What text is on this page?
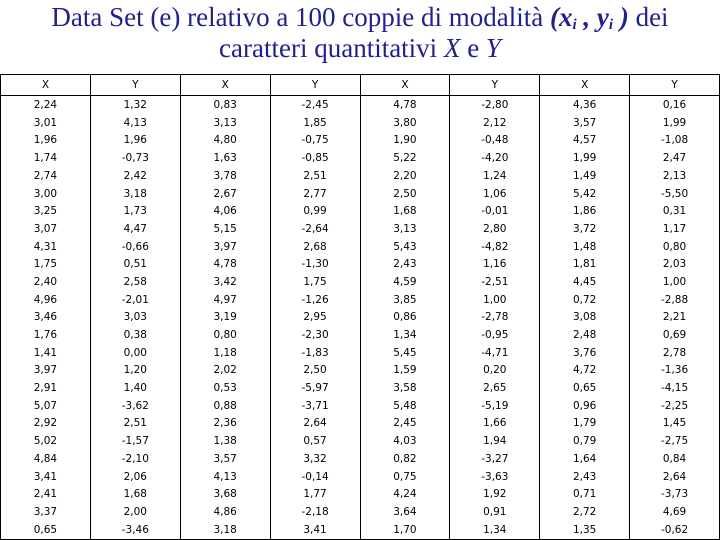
Data Set (e) relativo a 100 coppie di modalità ($x_i$ , $y_i$ ) dei
caratteri quantitativi X e Y
X	Y	X	Y	X	Y	X	Y
2,24	1,32	0,83	-2,45	4,78	-2,80	4,36	0,16
3,01	4,13	3,13	1,85	3,80	2,12	3,57	1,99
1,96	1,96	4,80	-0,75	1,90	-0,48	4,57	-1,08
1,74	-0,73	1,63	-0,85	5,22	-4,20	1,99	2,47
2,74	2,42	3,78	2,51	2,20	1,24	1,49	2,13
3,00	3,18	2,67	2,77	2,50	1,06	5,42	-5,50
3,25	1,73	4,06	0,99	1,68	-0,01	1,86	0,31
3,07	4,47	5,15	-2,64	3,13	2,80	3,72	1,17
4,31	-0,66	3,97	2,68	5,43	-4,82	1,48	0,80
1,75	0,51	4,78	-1,30	2,43	1,16	1,81	2,03
2,40	2,58	3,42	1,75	4,59	-2,51	4,45	1,00
4,96	-2,01	4,97	-1,26	3,85	1,00	0,72	-2,88
3,46	3,03	3,19	2,95	0,86	-2,78	3,08	2,21
1,76	0,38	0,80	-2,30	1,34	-0,95	2,48	0,69
1,41	0,00	1,18	-1,83	5,45	-4,71	3,76	2,78
3,97	1,20	2,02	2,50	1,59	0,20	4,72	-1,36
2,91	1,40	0,53	-5,97	3,58	2,65	0,65	-4,15
5,07	-3,62	0,88	-3,71	5,48	-5,19	0,96	-2,25
2,92	2,51	2,36	2,64	2,45	1,66	1,79	1,45
5,02	-1,57	1,38	0,57	4,03	1,94	0,79	-2,75
4,84	-2,10	3,57	3,32	0,82	-3,27	1,64	0,84
3,41	2,06	4,13	-0,14	0,75	-3,63	2,43	2,64
2,41	1,68	3,68	1,77	4,24	1,92	0,71	-3,73
3,37	2,00	4,86	-2,18	3,64	0,91	2,72	4,69
0,65	-3,46	3,18	3,41	1,70	1,34	1,35	-0,62
